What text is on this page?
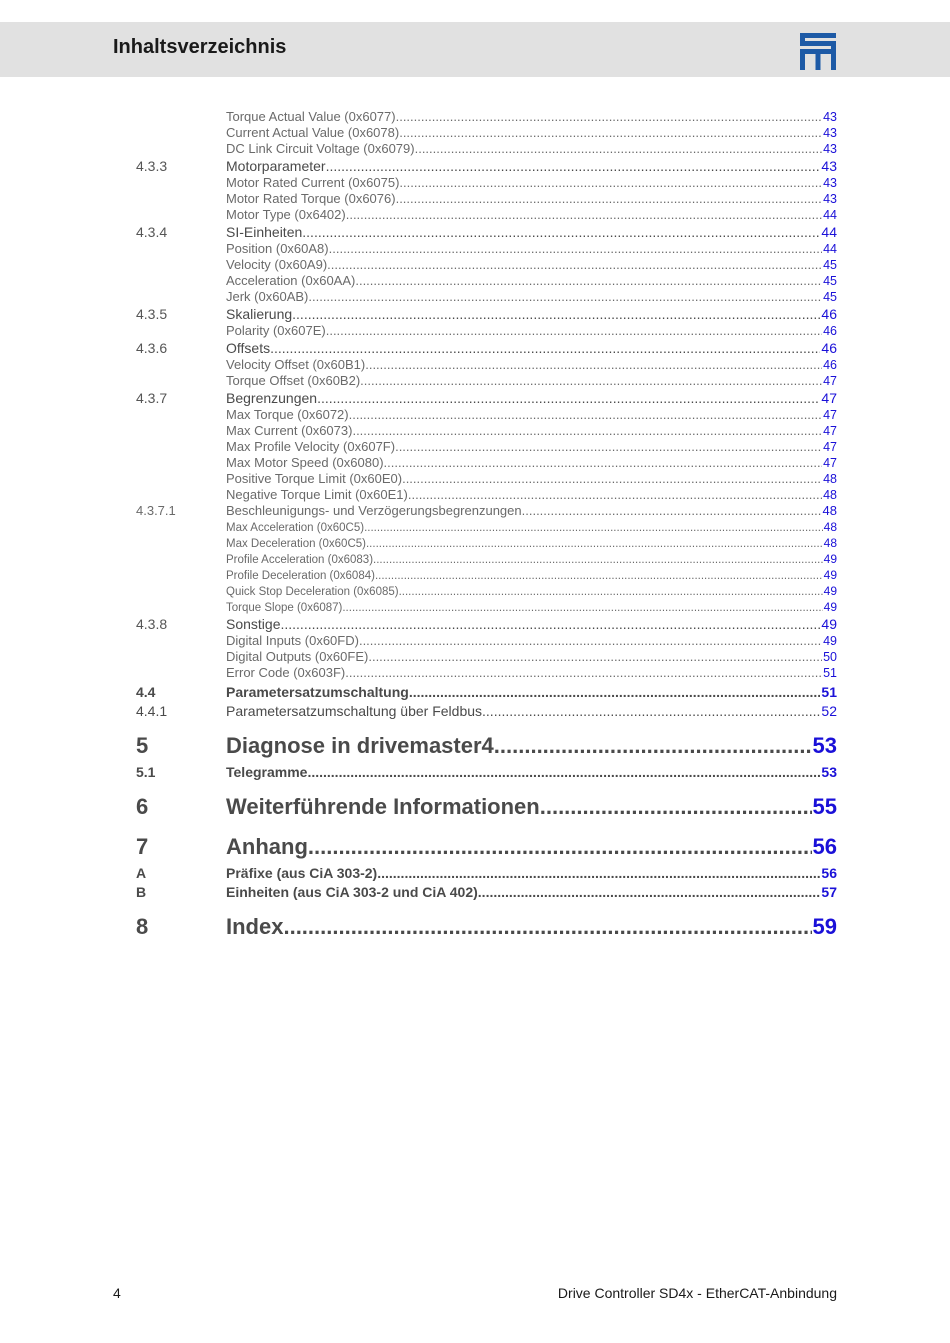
Inhaltsverzeichnis
Torque Actual Value (0x6077) .....	43
Current Actual Value (0x6078) .....	43
DC Link Circuit Voltage (0x6079) .....	43
4.3.3	Motorparameter .....	43
Motor Rated Current (0x6075) .....	43
Motor Rated Torque (0x6076) .....	43
Motor Type (0x6402) .....	44
4.3.4	SI-Einheiten .....	44
Position (0x60A8) .....	44
Velocity (0x60A9) .....	45
Acceleration (0x60AA) .....	45
Jerk (0x60AB) .....	45
4.3.5	Skalierung .....	46
Polarity (0x607E) .....	46
4.3.6	Offsets .....	46
Velocity Offset (0x60B1) .....	46
Torque Offset (0x60B2) .....	47
4.3.7	Begrenzungen .....	47
Max Torque (0x6072) .....	47
Max Current (0x6073) .....	47
Max Profile Velocity (0x607F) .....	47
Max Motor Speed (0x6080) .....	47
Positive Torque Limit (0x60E0) .....	48
Negative Torque Limit (0x60E1) .....	48
4.3.7.1	Beschleunigungs- und Verzögerungsbegrenzungen .....	48
Max Acceleration (0x60C5) .....	48
Max Deceleration (0x60C5) .....	48
Profile Acceleration (0x6083) .....	49
Profile Deceleration (0x6084) .....	49
Quick Stop Deceleration (0x6085) .....	49
Torque Slope (0x6087) .....	49
4.3.8	Sonstige .....	49
Digital Inputs (0x60FD) .....	49
Digital Outputs (0x60FE) .....	50
Error Code (0x603F) .....	51
4.4	Parametersatzumschaltung .....	51
4.4.1	Parametersatzumschaltung über Feldbus .....	52
5	Diagnose in drivemaster4 .....	53
5.1	Telegramme .....	53
6	Weiterführende Informationen .....	55
7	Anhang .....	56
A	Präfixe (aus CiA 303-2) .....	56
B	Einheiten (aus CiA 303-2 und CiA 402) .....	57
8	Index .....	59
4	Drive Controller SD4x - EtherCAT-Anbindung
